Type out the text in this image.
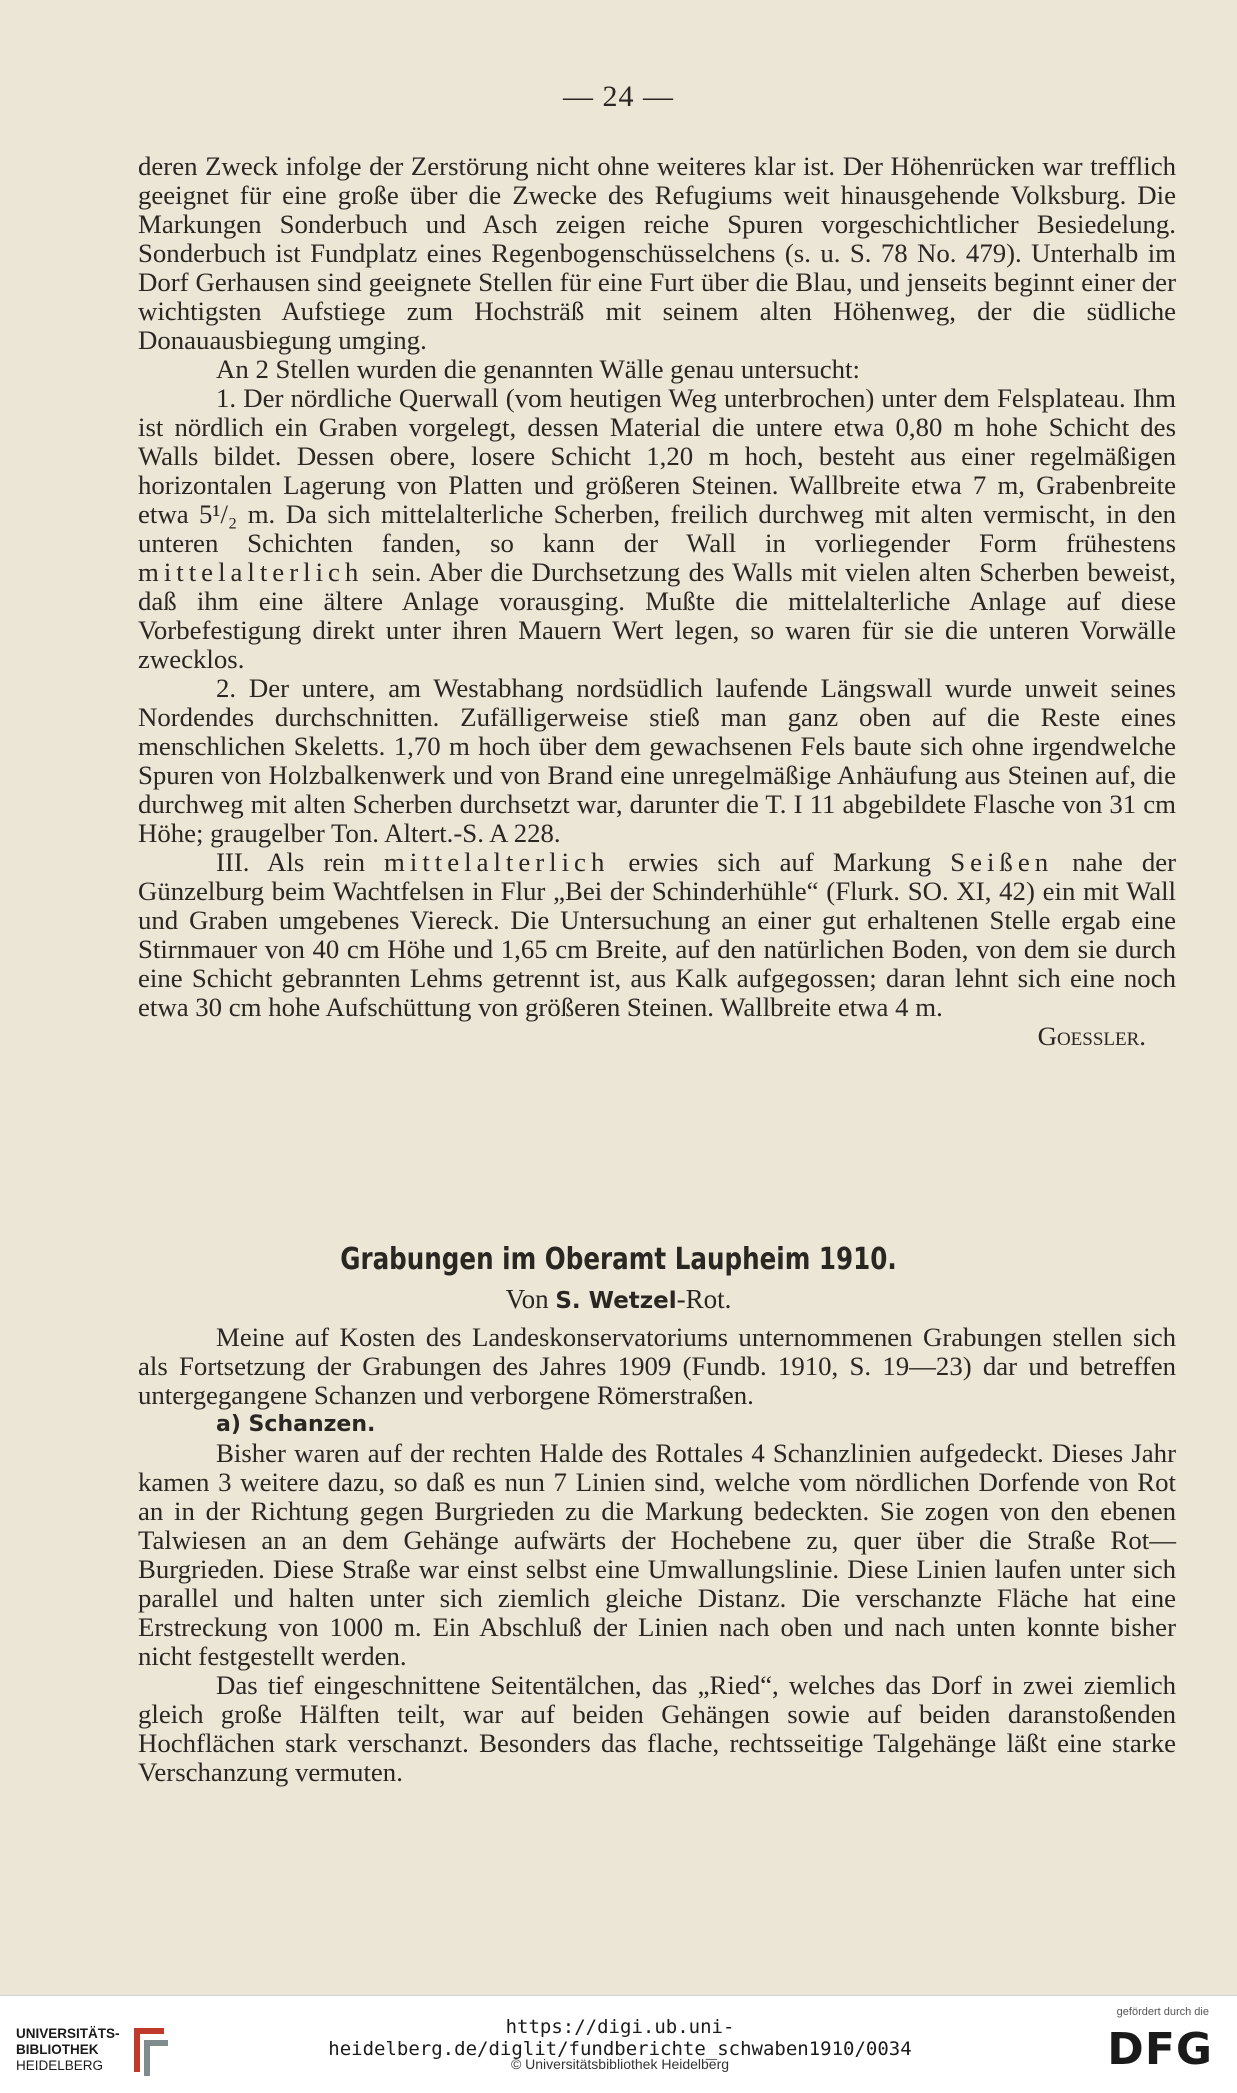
— 24 —

deren Zweck infolge der Zerstörung nicht ohne weiteres klar ist. Der Höhenrücken war trefflich geeignet für eine große über die Zwecke des Refugiums weit hinausgehende Volksburg. Die Markungen Sonderbuch und Asch zeigen reiche Spuren vorgeschichtlicher Besiedelung. Sonderbuch ist Fundplatz eines Regenbogenschüsselchens (s. u. S. 78 No. 479). Unterhalb im Dorf Gerhausen sind geeignete Stellen für eine Furt über die Blau, und jenseits beginnt einer der wichtigsten Aufstiege zum Hochsträß mit seinem alten Höhenweg, der die südliche Donauausbiegung umging.

An 2 Stellen wurden die genannten Wälle genau untersucht:

1. Der nördliche Querwall (vom heutigen Weg unterbrochen) unter dem Felsplateau. Ihm ist nördlich ein Graben vorgelegt, dessen Material die untere etwa 0,80 m hohe Schicht des Walls bildet. Dessen obere, losere Schicht 1,20 m hoch, besteht aus einer regelmäßigen horizontalen Lagerung von Platten und größeren Steinen. Wallbreite etwa 7 m, Grabenbreite etwa 5¹/₂ m. Da sich mittelalterliche Scherben, freilich durchweg mit alten vermischt, in den unteren Schichten fanden, so kann der Wall in vorliegender Form frühestens mittelalterlich sein. Aber die Durchsetzung des Walls mit vielen alten Scherben beweist, daß ihm eine ältere Anlage vorausging. Mußte die mittelalterliche Anlage auf diese Vorbefestigung direkt unter ihren Mauern Wert legen, so waren für sie die unteren Vorwälle zwecklos.

2. Der untere, am Westabhang nordsüdlich laufende Längswall wurde unweit seines Nordendes durchschnitten. Zufälligerweise stieß man ganz oben auf die Reste eines menschlichen Skeletts. 1,70 m hoch über dem gewachsenen Fels baute sich ohne irgendwelche Spuren von Holzbalkenwerk und von Brand eine unregelmäßige Anhäufung aus Steinen auf, die durchweg mit alten Scherben durchsetzt war, darunter die T. I 11 abgebildete Flasche von 31 cm Höhe; graugelber Ton. Altert.-S. A 228.

III. Als rein mittelalterlich erwies sich auf Markung Seißen nahe der Günzelburg beim Wachtfelsen in Flur „Bei der Schinderhühle“ (Flurk. SO. XI, 42) ein mit Wall und Graben umgebenes Viereck. Die Untersuchung an einer gut erhaltenen Stelle ergab eine Stirnmauer von 40 cm Höhe und 1,65 cm Breite, auf den natürlichen Boden, von dem sie durch eine Schicht gebrannten Lehms getrennt ist, aus Kalk aufgegossen; daran lehnt sich eine noch etwa 30 cm hohe Aufschüttung von größeren Steinen. Wallbreite etwa 4 m.

Goessler.

Grabungen im Oberamt Laupheim 1910.
Von S. Wetzel-Rot.

Meine auf Kosten des Landeskonservatoriums unternommenen Grabungen stellen sich als Fortsetzung der Grabungen des Jahres 1909 (Fundb. 1910, S. 19—23) dar und betreffen untergegangene Schanzen und verborgene Römerstraßen.

a) Schanzen.

Bisher waren auf der rechten Halde des Rottales 4 Schanzlinien aufgedeckt. Dieses Jahr kamen 3 weitere dazu, so daß es nun 7 Linien sind, welche vom nördlichen Dorfende von Rot an in der Richtung gegen Burgrieden zu die Markung bedeckten. Sie zogen von den ebenen Talwiesen an an dem Gehänge aufwärts der Hochebene zu, quer über die Straße Rot—Burgrieden. Diese Straße war einst selbst eine Umwallungslinie. Diese Linien laufen unter sich parallel und halten unter sich ziemlich gleiche Distanz. Die verschanzte Fläche hat eine Erstreckung von 1000 m. Ein Abschluß der Linien nach oben und nach unten konnte bisher nicht festgestellt werden.

Das tief eingeschnittene Seitentälchen, das „Ried“, welches das Dorf in zwei ziemlich gleich große Hälften teilt, war auf beiden Gehängen sowie auf beiden daranstoßenden Hochflächen stark verschanzt. Besonders das flache, rechtsseitige Talgehänge läßt eine starke Verschanzung vermuten.

UNIVERSITÄTS-
BIBLIOTHEK
HEIDELBERG
https://digi.ub.uni-heidelberg.de/diglit/fundberichte_schwaben1910/0034
© Universitätsbibliothek Heidelberg
gefördert durch die
DFG
